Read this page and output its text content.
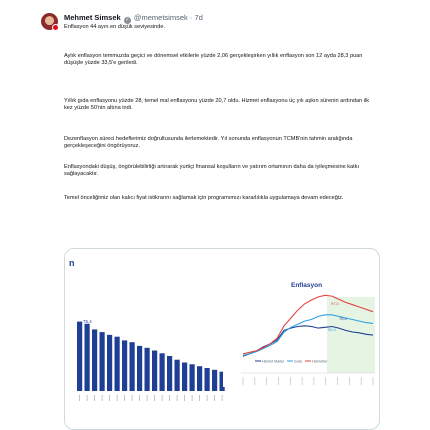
Mehmet Simsek ✓ @memetsimsek · 7d

Enflasyon 44 ayın en düşük seviyesinde.

Aylık enflasyon temmuzda geçici ve dönemsel etkilerle yüzde 2,06 gerçekleşirken yıllık enflasyon son 12 ayda 28,3 puan düşüşle yüzde 33,5'e geriledi.

Yıllık gıda enflasyonu yüzde 28, temel mal enflasyonu yüzde 20,7 oldu. Hizmet enflasyonu üç yılı aşkın sürenin ardından ilk kez yüzde 50'nin altına indi.

Dezenflasyon süreci hedeflerimiz doğrultusunda ilerlemektedir. Yıl sonunda enflasyonun TCMB'nin tahmin aralığında gerçekleşeceğini öngörüyoruz.

Enflasyondaki düşüş, öngörülebilirliği artırarak yurtiçi finansal koşulların ve yatırım ortamının daha da iyileşmesine katkı sağlayacaktır.

Temel önceliğimiz olan kalıcı fiyat istikrarını sağlamak için programımızı kararlılıkla uygulamaya devam edeceğiz.

n
75,4
Enflasyon
97,0
75,4
50,4
Hizmet Mallar	Gıda	Hizmetler
